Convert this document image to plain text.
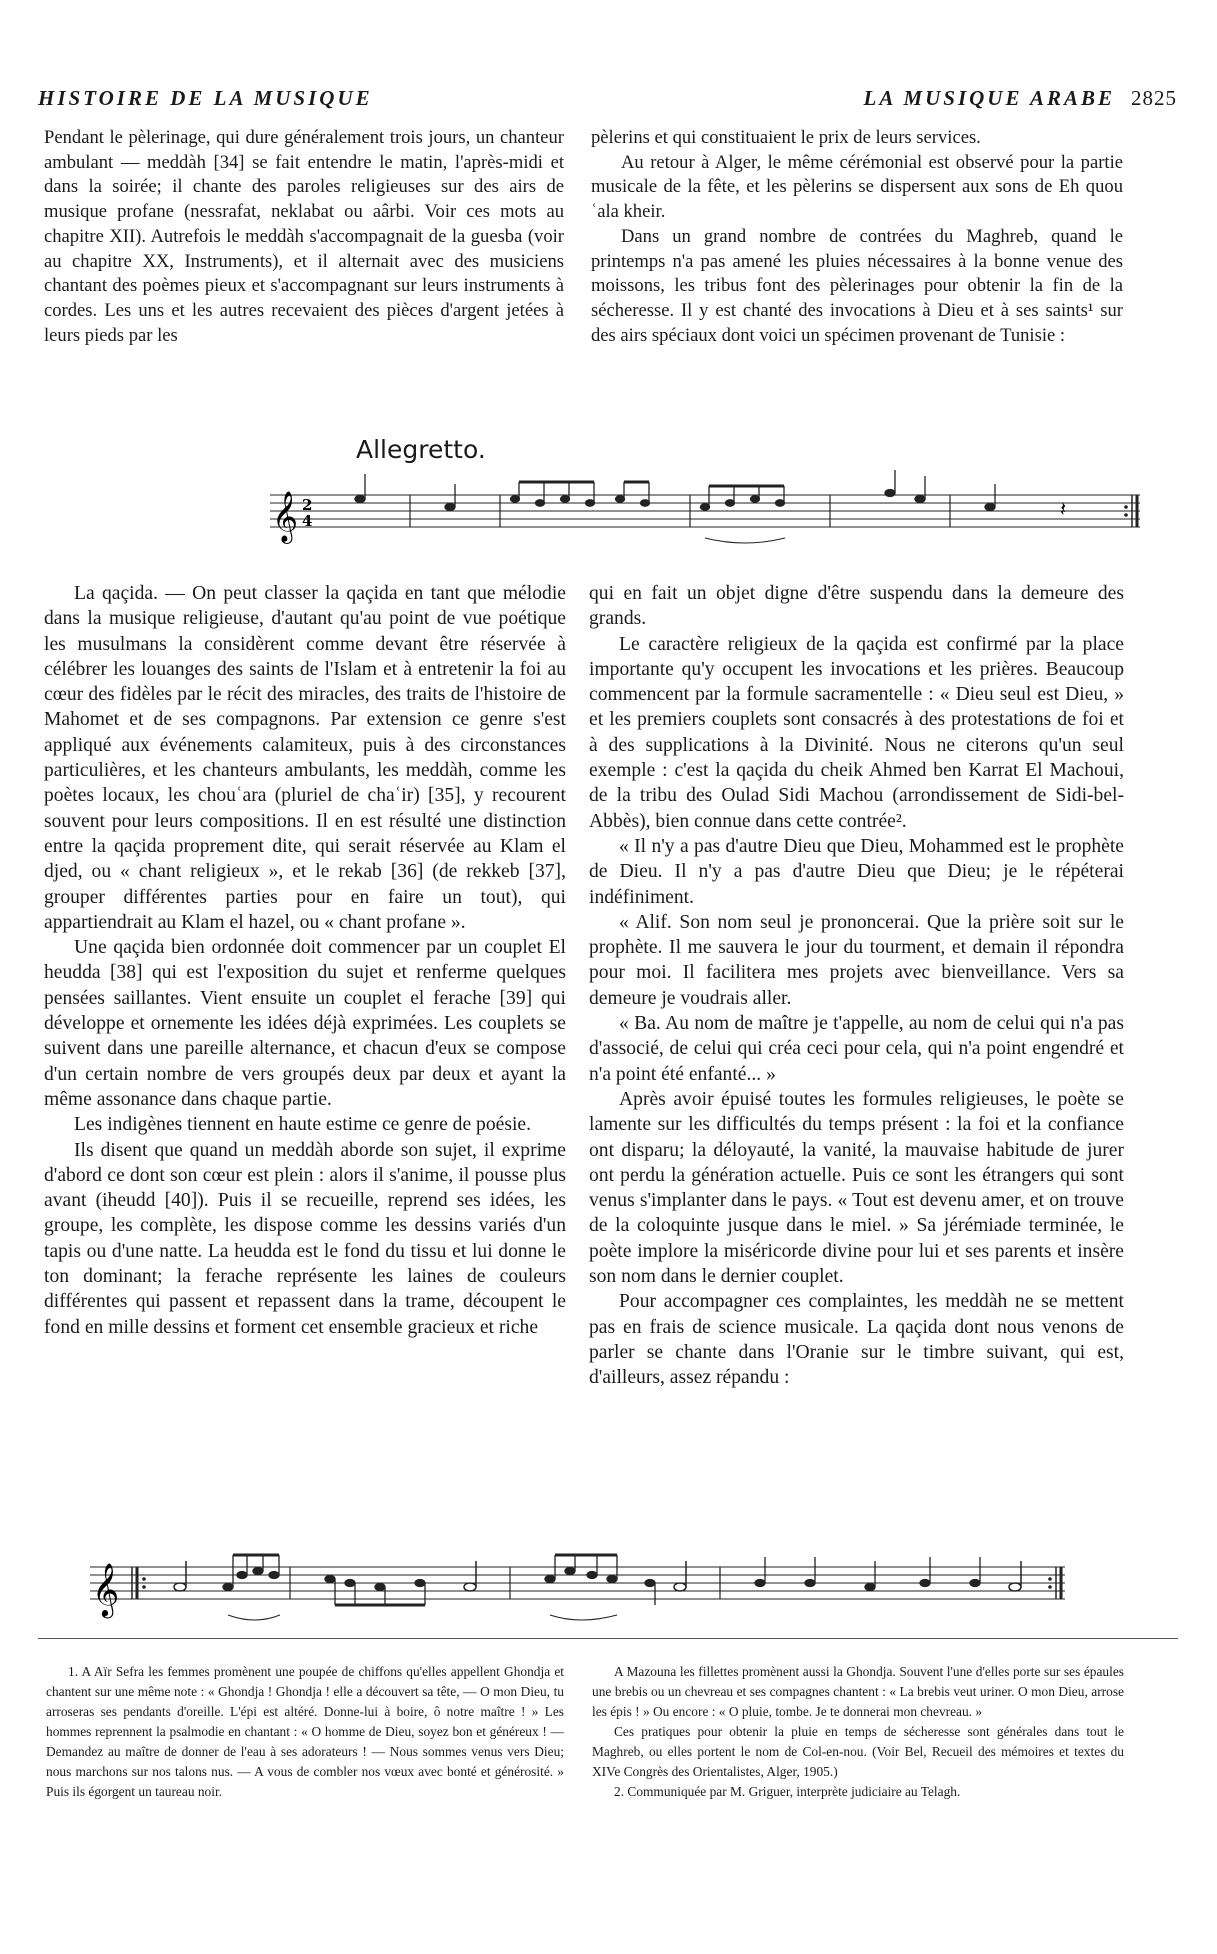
HISTOIRE DE LA MUSIQUE	LA MUSIQUE ARABE 2825

Pendant le pèlerinage, qui dure généralement trois jours, un chanteur ambulant — meddàh [34] se fait entendre le matin, l'après-midi et dans la soirée; il chante des paroles religieuses sur des airs de musique profane (nessrafat, neklabat ou aârbi. Voir ces mots au chapitre XII). Autrefois le meddàh s'accompagnait de la guesba (voir au chapitre XX, Instruments), et il alternait avec des musiciens chantant des poèmes pieux et s'accompagnant sur leurs instruments à cordes. Les uns et les autres recevaient des pièces d'argent jetées à leurs pieds par les

pèlerins et qui constituaient le prix de leurs services.

Au retour à Alger, le même cérémonial est observé pour la partie musicale de la fête, et les pèlerins se dispersent aux sons de Eh quou ʿala kheir.

Dans un grand nombre de contrées du Maghreb, quand le printemps n'a pas amené les pluies nécessaires à la bonne venue des moissons, les tribus font des pèlerinages pour obtenir la fin de la sécheresse. Il y est chanté des invocations à Dieu et à ses saints¹ sur des airs spéciaux dont voici un spécimen provenant de Tunisie :

Allegretto.
𝄞 2
4	𝄽

La qaçida. — On peut classer la qaçida en tant que mélodie dans la musique religieuse, d'autant qu'au point de vue poétique les musulmans la considèrent comme devant être réservée à célébrer les louanges des saints de l'Islam et à entretenir la foi au cœur des fidèles par le récit des miracles, des traits de l'histoire de Mahomet et de ses compagnons. Par extension ce genre s'est appliqué aux événements calamiteux, puis à des circonstances particulières, et les chanteurs ambulants, les meddàh, comme les poètes locaux, les chouʿara (pluriel de chaʿir) [35], y recourent souvent pour leurs compositions. Il en est résulté une distinction entre la qaçida proprement dite, qui serait réservée au Klam el djed, ou « chant religieux », et le rekab [36] (de rekkeb [37], grouper différentes parties pour en faire un tout), qui appartiendrait au Klam el hazel, ou « chant profane ».

Une qaçida bien ordonnée doit commencer par un couplet El heudda [38] qui est l'exposition du sujet et renferme quelques pensées saillantes. Vient ensuite un couplet el ferache [39] qui développe et ornemente les idées déjà exprimées. Les couplets se suivent dans une pareille alternance, et chacun d'eux se compose d'un certain nombre de vers groupés deux par deux et ayant la même assonance dans chaque partie.

Les indigènes tiennent en haute estime ce genre de poésie.

Ils disent que quand un meddàh aborde son sujet, il exprime d'abord ce dont son cœur est plein : alors il s'anime, il pousse plus avant (iheudd [40]). Puis il se recueille, reprend ses idées, les groupe, les complète, les dispose comme les dessins variés d'un tapis ou d'une natte. La heudda est le fond du tissu et lui donne le ton dominant; la ferache représente les laines de couleurs différentes qui passent et repassent dans la trame, découpent le fond en mille dessins et forment cet ensemble gracieux et riche

qui en fait un objet digne d'être suspendu dans la demeure des grands.

Le caractère religieux de la qaçida est confirmé par la place importante qu'y occupent les invocations et les prières. Beaucoup commencent par la formule sacramentelle : « Dieu seul est Dieu, » et les premiers couplets sont consacrés à des protestations de foi et à des supplications à la Divinité. Nous ne citerons qu'un seul exemple : c'est la qaçida du cheik Ahmed ben Karrat El Machoui, de la tribu des Oulad Sidi Machou (arrondissement de Sidi-bel-Abbès), bien connue dans cette contrée².

« Il n'y a pas d'autre Dieu que Dieu, Mohammed est le prophète de Dieu. Il n'y a pas d'autre Dieu que Dieu; je le répéterai indéfiniment.

« Alif. Son nom seul je prononcerai. Que la prière soit sur le prophète. Il me sauvera le jour du tourment, et demain il répondra pour moi. Il facilitera mes projets avec bienveillance. Vers sa demeure je voudrais aller.

« Ba. Au nom de maître je t'appelle, au nom de celui qui n'a pas d'associé, de celui qui créa ceci pour cela, qui n'a point engendré et n'a point été enfanté... »

Après avoir épuisé toutes les formules religieuses, le poète se lamente sur les difficultés du temps présent : la foi et la confiance ont disparu; la déloyauté, la vanité, la mauvaise habitude de jurer ont perdu la génération actuelle. Puis ce sont les étrangers qui sont venus s'implanter dans le pays. « Tout est devenu amer, et on trouve de la coloquinte jusque dans le miel. » Sa jérémiade terminée, le poète implore la miséricorde divine pour lui et ses parents et insère son nom dans le dernier couplet.

Pour accompagner ces complaintes, les meddàh ne se mettent pas en frais de science musicale. La qaçida dont nous venons de parler se chante dans l'Oranie sur le timbre suivant, qui est, d'ailleurs, assez répandu :

𝄞

1. A Aïr Sefra les femmes promènent une poupée de chiffons qu'elles appellent Ghondja et chantent sur une même note : « Ghondja ! Ghondja ! elle a découvert sa tête, — O mon Dieu, tu arroseras ses pendants d'oreille. L'épi est altéré. Donne-lui à boire, ô notre maître ! » Les hommes reprennent la psalmodie en chantant : « O homme de Dieu, soyez bon et généreux ! — Demandez au maître de donner de l'eau à ses adorateurs ! — Nous sommes venus vers Dieu; nous marchons sur nos talons nus. — A vous de combler nos vœux avec bonté et générosité. » Puis ils égorgent un taureau noir.

A Mazouna les fillettes promènent aussi la Ghondja. Souvent l'une d'elles porte sur ses épaules une brebis ou un chevreau et ses compagnes chantent : « La brebis veut uriner. O mon Dieu, arrose les épis ! » Ou encore : « O pluie, tombe. Je te donnerai mon chevreau. »

Ces pratiques pour obtenir la pluie en temps de sécheresse sont générales dans tout le Maghreb, ou elles portent le nom de Col-en-nou. (Voir Bel, Recueil des mémoires et textes du XIVe Congrès des Orientalistes, Alger, 1905.)

2. Communiquée par M. Griguer, interprète judiciaire au Telagh.
